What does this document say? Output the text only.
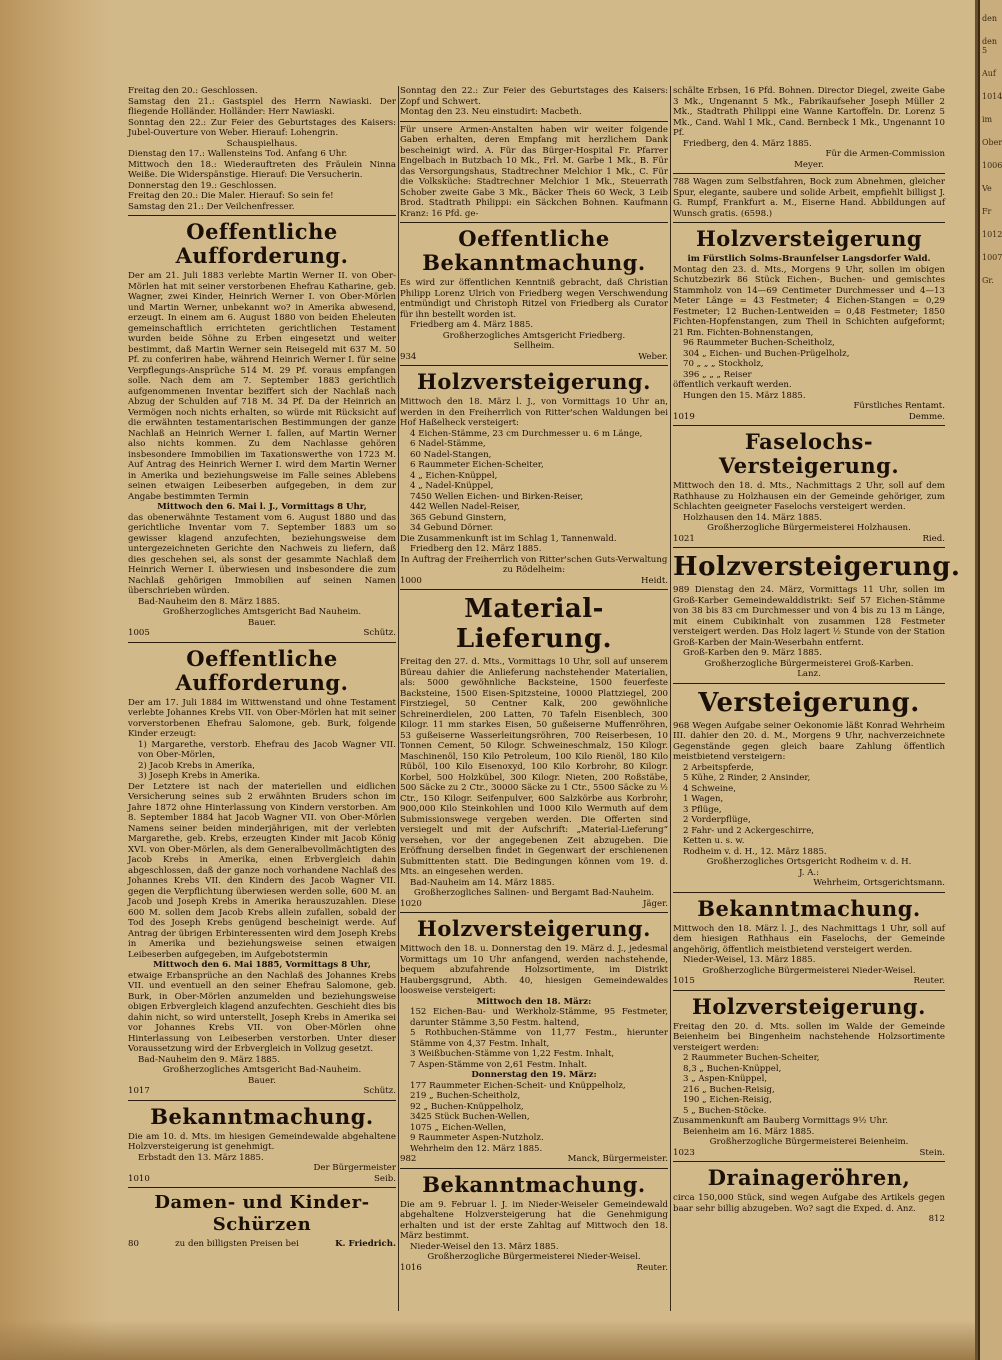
Freitag den 20.: Geschlossen.

Samstag den 21.: Gastspiel des Herrn Nawiaski. Der fliegende Holländer. Holländer: Herr Nawiaski.

Sonntag den 22.: Zur Feier des Geburtstages des Kaisers: Jubel-Ouverture von Weber. Hierauf: Lohengrin.

Schauspielhaus.

Dienstag den 17.: Wallensteins Tod. Anfang 6 Uhr.

Mittwoch den 18.: Wiederauftreten des Fräulein Ninna Weiße. Die Widerspänstige. Hierauf: Die Versucherin.

Donnerstag den 19.: Geschlossen.

Freitag den 20.: Die Maler. Hierauf: So sein fe!

Samstag den 21.: Der Veilchenfresser.

Oeffentliche Aufforderung.

Der am 21. Juli 1883 verlebte Martin Werner II. von Ober-Mörlen hat mit seiner verstorbenen Ehefrau Katharine, geb. Wagner, zwei Kinder, Heinrich Werner I. von Ober-Mörlen und Martin Werner, unbekannt wo? in Amerika abwesend, erzeugt. In einem am 6. August 1880 von beiden Eheleuten gemeinschaftlich errichteten gerichtlichen Testament wurden beide Söhne zu Erben eingesetzt und weiter bestimmt, daß Martin Werner sein Reisegeld mit 637 M. 50 Pf. zu conferiren habe, während Heinrich Werner I. für seine Verpflegungs-Ansprüche 514 M. 29 Pf. voraus empfangen solle. Nach dem am 7. September 1883 gerichtlich aufgenommenen Inventar beziffert sich der Nachlaß nach Abzug der Schulden auf 718 M. 34 Pf. Da der Heinrich an Vermögen noch nichts erhalten, so würde mit Rücksicht auf die erwähnten testamentarischen Bestimmungen der ganze Nachlaß an Heinrich Werner I. fallen, auf Martin Werner also nichts kommen. Zu dem Nachlasse gehören insbesondere Immobilien im Taxationswerthe von 1723 M. Auf Antrag des Heinrich Werner I. wird dem Martin Werner in Amerika und beziehungsweise im Falle seines Ablebens seinen etwaigen Leibeserben aufgegeben, in dem zur Angabe bestimmten Termin

Mittwoch den 6. Mai l. J., Vormittags 8 Uhr,

das obenerwähnte Testament vom 6. August 1880 und das gerichtliche Inventar vom 7. September 1883 um so gewisser klagend anzufechten, beziehungsweise dem untergezeichneten Gerichte den Nachweis zu liefern, daß dies geschehen sei, als sonst der gesammte Nachlaß dem Heinrich Werner I. überwiesen und insbesondere die zum Nachlaß gehörigen Immobilien auf seinen Namen überschrieben würden.

Bad-Nauheim den 8. März 1885.

Großherzogliches Amtsgericht Bad Nauheim.

Bauer.

1005	Schütz.
Oeffentliche Aufforderung.

Der am 17. Juli 1884 im Wittwenstand und ohne Testament verlebte Johannes Krebs VII. von Ober-Mörlen hat mit seiner vorverstorbenen Ehefrau Salomone, geb. Burk, folgende Kinder erzeugt:

1) Margarethe, verstorb. Ehefrau des Jacob Wagner VII. von Ober-Mörlen,

2) Jacob Krebs in Amerika,

3) Joseph Krebs in Amerika.

Der Letztere ist nach der materiellen und eidlichen Versicherung seines sub 2 erwähnten Bruders schon im Jahre 1872 ohne Hinterlassung von Kindern verstorben. Am 8. September 1884 hat Jacob Wagner VII. von Ober-Mörlen Namens seiner beiden minderjährigen, mit der verlebten Margarethe, geb. Krebs, erzeugten Kinder mit Jacob König XVI. von Ober-Mörlen, als dem Generalbevollmächtigten des Jacob Krebs in Amerika, einen Erbvergleich dahin abgeschlossen, daß der ganze noch vorhandene Nachlaß des Johannes Krebs VII. den Kindern des Jacob Wagner VII. gegen die Verpflichtung überwiesen werden solle, 600 M. an Jacob und Joseph Krebs in Amerika herauszuzahlen. Diese 600 M. sollen dem Jacob Krebs allein zufallen, sobald der Tod des Joseph Krebs genügend bescheinigt werde. Auf Antrag der übrigen Erbinteressenten wird dem Joseph Krebs in Amerika und beziehungsweise seinen etwaigen Leibeserben aufgegeben, im Aufgebotstermin

Mittwoch den 6. Mai 1885, Vormittags 8 Uhr,

etwaige Erbansprüche an den Nachlaß des Johannes Krebs VII. und eventuell an den seiner Ehefrau Salomone, geb. Burk, in Ober-Mörlen anzumelden und beziehungsweise obigen Erbvergleich klagend anzufechten. Geschieht dies bis dahin nicht, so wird unterstellt, Joseph Krebs in Amerika sei vor Johannes Krebs VII. von Ober-Mörlen ohne Hinterlassung von Leibeserben verstorben. Unter dieser Voraussetzung wird der Erbvergleich in Vollzug gesetzt.

Bad-Nauheim den 9. März 1885.

Großherzogliches Amtsgericht Bad-Nauheim.

Bauer.

1017	Schütz.
Bekanntmachung.

Die am 10. d. Mts. im hiesigen Gemeindewalde abgehaltene Holzversteigerung ist genehmigt.

Erbstadt den 13. März 1885.

Der Bürgermeister

1010	Seib.
Damen- und Kinder-Schürzen
80	zu den billigsten Preisen bei	K. Friedrich.

Sonntag den 22.: Zur Feier des Geburtstages des Kaisers: Zopf und Schwert.

Montag den 23. Neu einstudirt: Macbeth.

Für unsere Armen-Anstalten haben wir weiter folgende Gaben erhalten, deren Empfang mit herzlichem Dank bescheinigt wird. A. Für das Bürger-Hospital Fr. Pfarrer Engelbach in Butzbach 10 Mk., Frl. M. Garbe 1 Mk., B. Für das Versorgungshaus, Stadtrechner Melchior 1 Mk., C. Für die Volksküche: Stadtrechner Melchior 1 Mk., Steuerrath Schober zweite Gabe 3 Mk., Bäcker Theis 60 Weck, 3 Leib Brod. Stadtrath Philippi: ein Säckchen Bohnen. Kaufmann Kranz: 16 Pfd. ge-

Oeffentliche Bekanntmachung.

Es wird zur öffentlichen Kenntniß gebracht, daß Christian Philipp Lorenz Ulrich von Friedberg wegen Verschwendung entmündigt und Christoph Ritzel von Friedberg als Curator für ihn bestellt worden ist.

Friedberg am 4. März 1885.

Großherzogliches Amtsgericht Friedberg.

Sellheim.

934	Weber.
Holzversteigerung.

Mittwoch den 18. März l. J., von Vormittags 10 Uhr an, werden in den Freiherrlich von Ritter'schen Waldungen bei Hof Haßelheck versteigert:

4 Eichen-Stämme, 23 cm Durchmesser u. 6 m Länge,

6 Nadel-Stämme,

60 Nadel-Stangen,

6 Raummeter Eichen-Scheiter,

4 „ Eichen-Knüppel,

4 „ Nadel-Knüppel,

7450 Wellen Eichen- und Birken-Reiser,

442 Wellen Nadel-Reiser,

365 Gebund Ginstern,

34 Gebund Dörner.

Die Zusammenkunft ist im Schlag 1, Tannenwald.

Friedberg den 12. März 1885.

In Auftrag der Freiherrlich von Ritter'schen Guts-Verwaltung zu Rödelheim:

1000	Heidt.
Material-Lieferung.

Freitag den 27. d. Mts., Vormittags 10 Uhr, soll auf unserem Büreau dahier die Anlieferung nachstehender Materialien, als: 5000 gewöhnliche Backsteine, 1500 feuerfeste Backsteine, 1500 Eisen-Spitzsteine, 10000 Plattziegel, 200 Firstziegel, 50 Centner Kalk, 200 gewöhnliche Schreinerdielen, 200 Latten, 70 Tafeln Eisenblech, 300 Kilogr. 11 mm starkes Eisen, 50 gußeiserne Muffenröhren, 53 gußeiserne Wasserleitungsröhren, 700 Reiserbesen, 10 Tonnen Cement, 50 Kilogr. Schweineschmalz, 150 Kilogr. Maschinenöl, 150 Kilo Petroleum, 100 Kilo Rienöl, 180 Kilo Rüböl, 100 Kilo Eisenoxyd, 100 Kilo Korbrohr, 80 Kilogr. Korbel, 500 Holzkübel, 300 Kilogr. Nieten, 200 Roßstäbe, 500 Säcke zu 2 Ctr., 30000 Säcke zu 1 Ctr., 5500 Säcke zu ½ Ctr., 150 Kilogr. Seifenpulver, 600 Salzkörbe aus Korbrohr, 900,000 Kilo Steinkohlen und 1000 Kilo Wermuth auf dem Submissionswege vergeben werden. Die Offerten sind versiegelt und mit der Aufschrift: „Material-Lieferung“ versehen, vor der angegebenen Zeit abzugeben. Die Eröffnung derselben findet in Gegenwart der erschienenen Submittenten statt. Die Bedingungen können vom 19. d. Mts. an eingesehen werden.

Bad-Nauheim am 14. März 1885.

Großherzogliches Salinen- und Bergamt Bad-Nauheim.

1020	Jäger.
Holzversteigerung.

Mittwoch den 18. u. Donnerstag den 19. März d. J., jedesmal Vormittags um 10 Uhr anfangend, werden nachstehende, bequem abzufahrende Holzsortimente, im Distrikt Haubergsgrund, Abth. 40, hiesigen Gemeindewaldes loosweise versteigert:

Mittwoch den 18. März:

152 Eichen-Bau- und Werkholz-Stämme, 95 Festmeter, darunter Stämme 3,50 Festm. haltend,

5 Rothbuchen-Stämme von 11,77 Festm., hierunter Stämme von 4,37 Festm. Inhalt,

3 Weißbuchen-Stämme von 1,22 Festm. Inhalt,

7 Aspen-Stämme von 2,61 Festm. Inhalt.

Donnerstag den 19. März:

177 Raummeter Eichen-Scheit- und Knüppelholz,

219 „ Buchen-Scheitholz,

92 „ Buchen-Knüppelholz,

3425 Stück Buchen-Wellen,

1075 „ Eichen-Wellen,

9 Raummeter Aspen-Nutzholz.

Wehrheim den 12. März 1885.

982	Manck, Bürgermeister.
Bekanntmachung.

Die am 9. Februar l. J. im Nieder-Weiseler Gemeindewald abgehaltene Holzversteigerung hat die Genehmigung erhalten und ist der erste Zahltag auf Mittwoch den 18. März bestimmt.

Nieder-Weisel den 13. März 1885.

Großherzogliche Bürgermeisterei Nieder-Weisel.

1016	Reuter.

schälte Erbsen, 16 Pfd. Bohnen. Director Diegel, zweite Gabe 3 Mk., Ungenannt 5 Mk., Fabrikaufseher Joseph Müller 2 Mk., Stadtrath Philippi eine Wanne Kartoffeln. Dr. Lorenz 5 Mk., Cand. Wahl 1 Mk., Cand. Bernbeck 1 Mk., Ungenannt 10 Pf.

Friedberg, den 4. März 1885.

Für die Armen-Commission

Meyer.

788 Wagen zum Selbstfahren, Bock zum Abnehmen, gleicher Spur, elegante, saubere und solide Arbeit, empfiehlt billigst J. G. Rumpf, Frankfurt a. M., Eiserne Hand. Abbildungen auf Wunsch gratis. (6598.)

Holzversteigerung

im Fürstlich Solms-Braunfelser Langsdorfer Wald.

Montag den 23. d. Mts., Morgens 9 Uhr, sollen im obigen Schutzbezirk 86 Stück Eichen-, Buchen- und gemischtes Stammholz von 14—69 Centimeter Durchmesser und 4—13 Meter Länge = 43 Festmeter; 4 Eichen-Stangen = 0,29 Festmeter; 12 Buchen-Lentweiden = 0,48 Festmeter; 1850 Fichten-Hopfenstangen, zum Theil in Schichten aufgeformt; 21 Rm. Fichten-Bohnenstangen,

96 Raummeter Buchen-Scheitholz,

304 „ Eichen- und Buchen-Prügelholz,

70 „ „ „ Stockholz,

396 „ „ „ Reiser

öffentlich verkauft werden.

Hungen den 15. März 1885.

Fürstliches Rentamt.

1019	Demme.
Faselochs-Versteigerung.

Mittwoch den 18. d. Mts., Nachmittags 2 Uhr, soll auf dem Rathhause zu Holzhausen ein der Gemeinde gehöriger, zum Schlachten geeigneter Faselochs versteigert werden.

Holzhausen den 14. März 1885.

Großherzogliche Bürgermeisterei Holzhausen.

1021	Ried.
Holzversteigerung.

989 Dienstag den 24. März, Vormittags 11 Uhr, sollen im Groß-Karber Gemeindewalddistrikt: Seif 57 Eichen-Stämme von 38 bis 83 cm Durchmesser und von 4 bis zu 13 m Länge, mit einem Cubikinhalt von zusammen 128 Festmeter versteigert werden. Das Holz lagert ½ Stunde von der Station Groß-Karben der Main-Weserbahn entfernt.

Groß-Karben den 9. März 1885.

Großherzogliche Bürgermeisterei Groß-Karben.

Lanz.

Versteigerung.

968 Wegen Aufgabe seiner Oekonomie läßt Konrad Wehrheim III. dahier den 20. d. M., Morgens 9 Uhr, nachverzeichnete Gegenstände gegen gleich baare Zahlung öffentlich meistbietend versteigern:

2 Arbeitspferde,

5 Kühe, 2 Rinder, 2 Ansinder,

4 Schweine,

1 Wagen,

3 Pflüge,

2 Vorderpflüge,

2 Fahr- und 2 Ackergeschirre,

Ketten u. s. w.

Rodheim v. d. H., 12. März 1885.

Großherzogliches Ortsgericht Rodheim v. d. H.

J. A.:

Wehrheim, Ortsgerichtsmann.

Bekanntmachung.

Mittwoch den 18. März l. J., des Nachmittags 1 Uhr, soll auf dem hiesigen Rathhaus ein Faselochs, der Gemeinde angehörig, öffentlich meistbietend versteigert werden.

Nieder-Weisel, 13. März 1885.

Großherzogliche Bürgermeisterei Nieder-Weisel.

1015	Reuter.
Holzversteigerung.

Freitag den 20. d. Mts. sollen im Walde der Gemeinde Beienheim bei Bingenheim nachstehende Holzsortimente versteigert werden:

2 Raummeter Buchen-Scheiter,

8,3 „ Buchen-Knüppel,

3 „ Aspen-Knüppel,

216 „ Buchen-Reisig,

190 „ Eichen-Reisig,

5 „ Buchen-Stöcke.

Zusammenkunft am Bauberg Vormittags 9½ Uhr.

Beienheim am 16. März 1885.

Großherzogliche Bürgermeisterei Beienheim.

1023	Stein.
Drainageröhren,

circa 150,000 Stück, sind wegen Aufgabe des Artikels gegen baar sehr billig abzugeben. Wo? sagt die Exped. d. Anz.

812

den
den 5
Auf
1014
im
Ober
1006
Ve
Fr
1012
1007
Gr.
